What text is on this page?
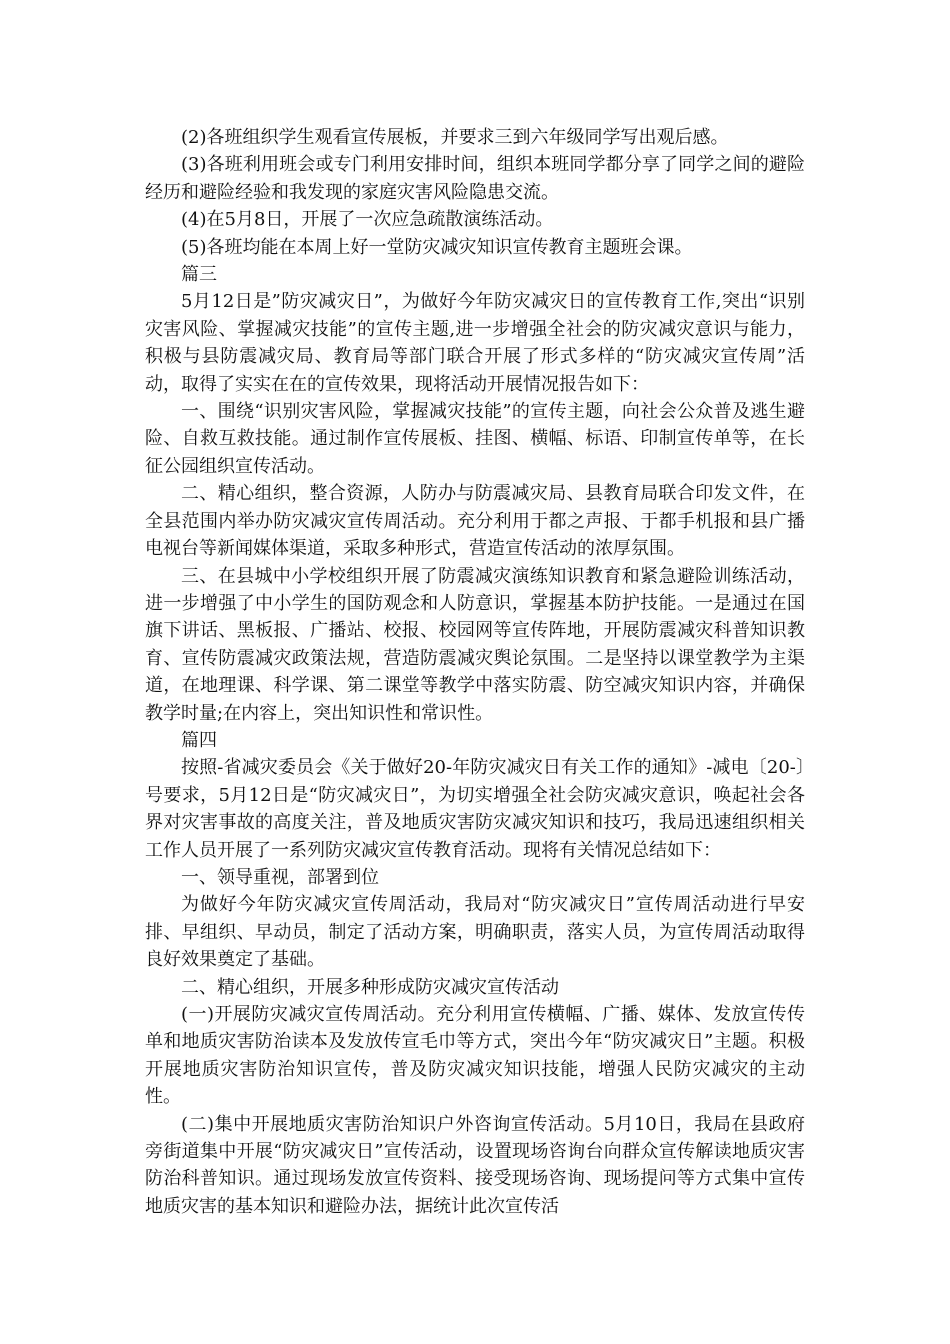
(2)各班组织学生观看宣传展板，并要求三到六年级同学写出观后感。

(3)各班利用班会或专门利用安排时间，组织本班同学都分享了同学之间的避险经历和避险经验和我发现的家庭灾害风险隐患交流。

(4)在5月8日，开展了一次应急疏散演练活动。

(5)各班均能在本周上好一堂防灾减灾知识宣传教育主题班会课。

篇三

5月12日是”防灾减灾日”，为做好今年防灾减灾日的宣传教育工作,突出“识别灾害风险、掌握减灾技能”的宣传主题,进一步增强全社会的防灾减灾意识与能力，积极与县防震减灾局、教育局等部门联合开展了形式多样的“防灾减灾宣传周”活动，取得了实实在在的宣传效果，现将活动开展情况报告如下：

一、围绕“识别灾害风险，掌握减灾技能”的宣传主题，向社会公众普及逃生避险、自救互救技能。通过制作宣传展板、挂图、横幅、标语、印制宣传单等，在长征公园组织宣传活动。

二、精心组织，整合资源，人防办与防震减灾局、县教育局联合印发文件，在全县范围内举办防灾减灾宣传周活动。充分利用于都之声报、于都手机报和县广播电视台等新闻媒体渠道，采取多种形式，营造宣传活动的浓厚氛围。

三、在县城中小学校组织开展了防震减灾演练知识教育和紧急避险训练活动，进一步增强了中小学生的国防观念和人防意识，掌握基本防护技能。一是通过在国旗下讲话、黑板报、广播站、校报、校园网等宣传阵地，开展防震减灾科普知识教育、宣传防震减灾政策法规，营造防震减灾舆论氛围。二是坚持以课堂教学为主渠道，在地理课、科学课、第二课堂等教学中落实防震、防空减灾知识内容，并确保教学时量;在内容上，突出知识性和常识性。

篇四

按照-省减灾委员会《关于做好20-年防灾减灾日有关工作的通知》-减电〔20-〕号要求，5月12日是“防灾减灾日”，为切实增强全社会防灾减灾意识，唤起社会各界对灾害事故的高度关注，普及地质灾害防灾减灾知识和技巧，我局迅速组织相关工作人员开展了一系列防灾减灾宣传教育活动。现将有关情况总结如下：

一、领导重视，部署到位

为做好今年防灾减灾宣传周活动，我局对“防灾减灾日”宣传周活动进行早安排、早组织、早动员，制定了活动方案，明确职责，落实人员，为宣传周活动取得良好效果奠定了基础。

二、精心组织，开展多种形成防灾减灾宣传活动

(一)开展防灾减灾宣传周活动。充分利用宣传横幅、广播、媒体、发放宣传传单和地质灾害防治读本及发放传宣毛巾等方式，突出今年“防灾减灾日”主题。积极开展地质灾害防治知识宣传，普及防灾减灾知识技能，增强人民防灾减灾的主动性。

(二)集中开展地质灾害防治知识户外咨询宣传活动。5月10日，我局在县政府旁街道集中开展“防灾减灾日”宣传活动，设置现场咨询台向群众宣传解读地质灾害防治科普知识。通过现场发放宣传资料、接受现场咨询、现场提问等方式集中宣传地质灾害的基本知识和避险办法，据统计此次宣传活
